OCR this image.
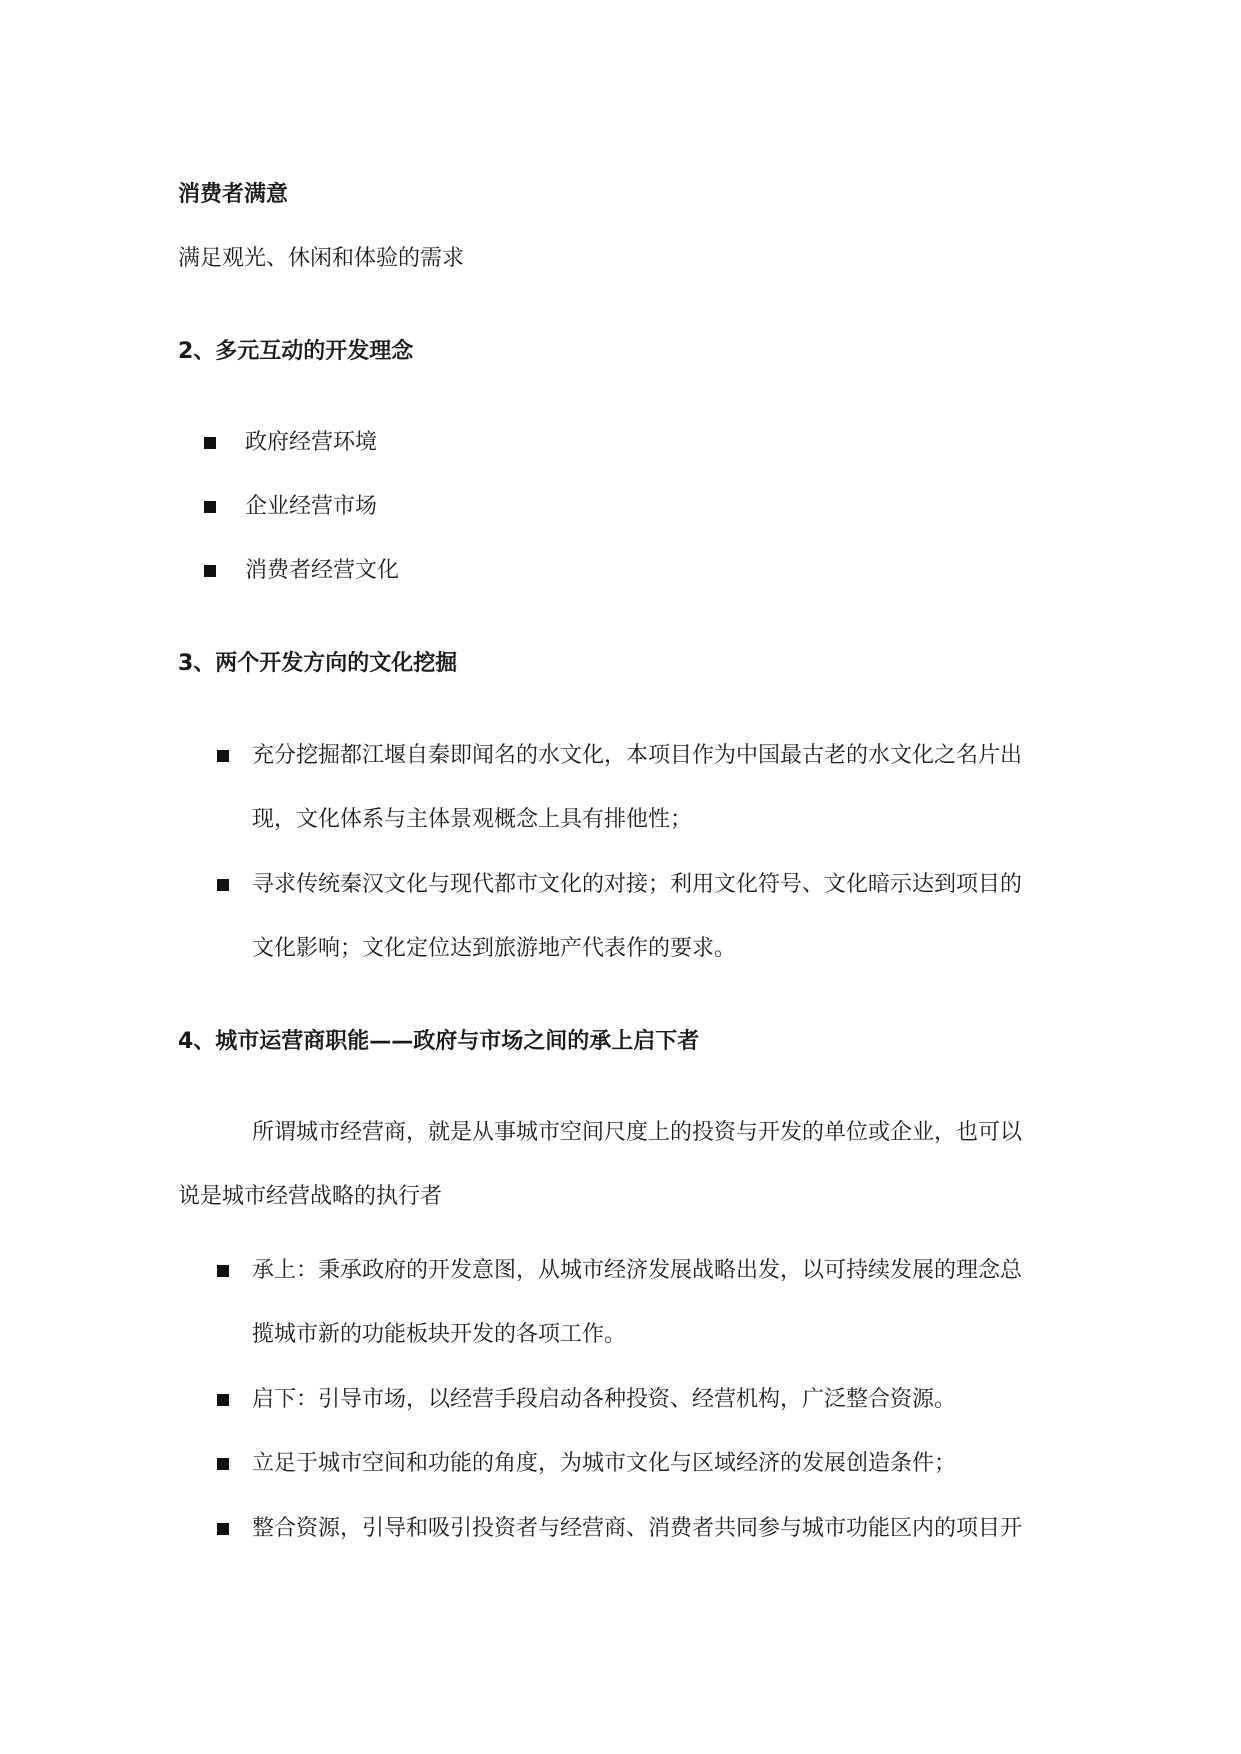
消费者满意
满足观光、休闲和体验的需求
2、多元互动的开发理念
政府经营环境
企业经营市场
消费者经营文化
3、两个开发方向的文化挖掘
充分挖掘都江堰自秦即闻名的水文化，本项目作为中国最古老的水文化之名片出
现，文化体系与主体景观概念上具有排他性；
寻求传统秦汉文化与现代都市文化的对接；利用文化符号、文化暗示达到项目的
文化影响；文化定位达到旅游地产代表作的要求。
4、城市运营商职能——政府与市场之间的承上启下者
所谓城市经营商，就是从事城市空间尺度上的投资与开发的单位或企业，也可以
说是城市经营战略的执行者
承上：秉承政府的开发意图，从城市经济发展战略出发，以可持续发展的理念总
揽城市新的功能板块开发的各项工作。
启下：引导市场，以经营手段启动各种投资、经营机构，广泛整合资源。
立足于城市空间和功能的角度，为城市文化与区域经济的发展创造条件；
整合资源，引导和吸引投资者与经营商、消费者共同参与城市功能区内的项目开
